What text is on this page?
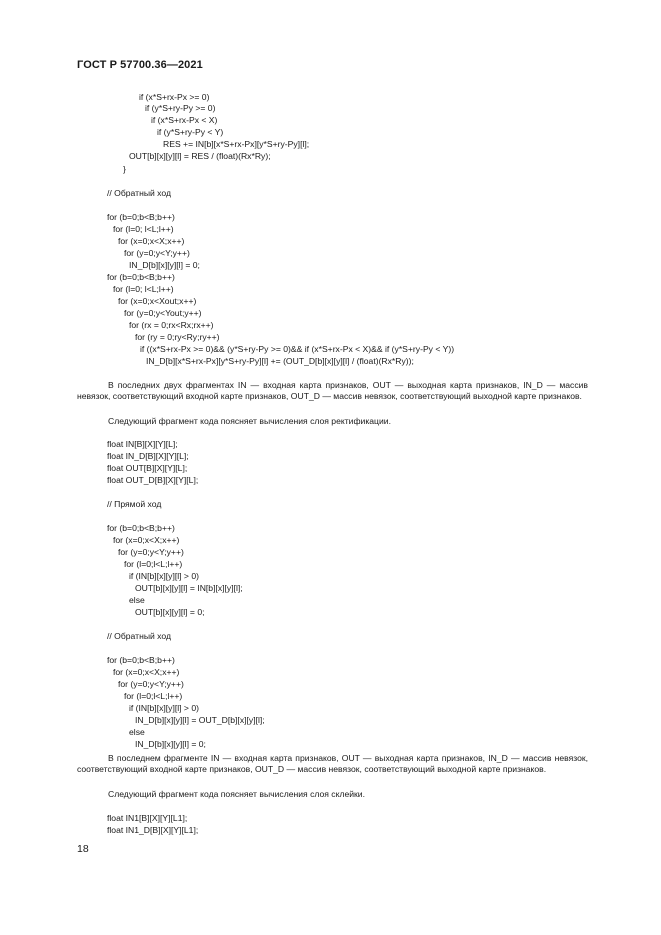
ГОСТ Р 57700.36—2021
if (x*S+rx-Px >= 0)
if (y*S+ry-Py >= 0)
if (x*S+rx-Px < X)
if (y*S+ry-Py < Y)
RES += IN[b][x*S+rx-Px][y*S+ry-Py][l];
OUT[b][x][y][l] = RES / (float)(Rx*Ry);
}
// Обратный ход
for (b=0;b<B;b++)
for (l=0; l<L;l++)
for (x=0;x<X;x++)
for (y=0;y<Y;y++)
IN_D[b][x][y][l] = 0;
for (b=0;b<B;b++)
for (l=0; l<L;l++)
for (x=0;x<Xout;x++)
for (y=0;y<Yout;y++)
for (rx = 0;rx<Rx;rx++)
for (ry = 0;ry<Ry;ry++)
if ((x*S+rx-Px >= 0)&& (y*S+ry-Py >= 0)&& if (x*S+rx-Px < X)&& if (y*S+ry-Py < Y))
IN_D[b][x*S+rx-Px][y*S+ry-Py][l] += (OUT_D[b][x][y][l] / (float)(Rx*Ry));
В последних двух фрагментах IN — входная карта признаков, OUT — выходная карта признаков, IN_D — массив невязок, соответствующий входной карте признаков, OUT_D — массив невязок, соответствующий выходной карте признаков.
Следующий фрагмент кода поясняет вычисления слоя ректификации.
float IN[B][X][Y][L];
float IN_D[B][X][Y][L];
float OUT[B][X][Y][L];
float OUT_D[B][X][Y][L];
// Прямой ход
for (b=0;b<B;b++)
for (x=0;x<X;x++)
for (y=0;y<Y;y++)
for (l=0;l<L;l++)
if (IN[b][x][y][l] > 0)
OUT[b][x][y][l] = IN[b][x][y][l];
else
OUT[b][x][y][l] = 0;
// Обратный ход
for (b=0;b<B;b++)
for (x=0;x<X;x++)
for (y=0;y<Y;y++)
for (l=0;l<L;l++)
if (IN[b][x][y][l] > 0)
IN_D[b][x][y][l] = OUT_D[b][x][y][l];
else
IN_D[b][x][y][l] = 0;
В последнем фрагменте IN — входная карта признаков, OUT — выходная карта признаков, IN_D — массив невязок, соответствующий входной карте признаков, OUT_D — массив невязок, соответствующий выходной карте признаков.
Следующий фрагмент кода поясняет вычисления слоя склейки.
float IN1[B][X][Y][L1];
float IN1_D[B][X][Y][L1];
18
